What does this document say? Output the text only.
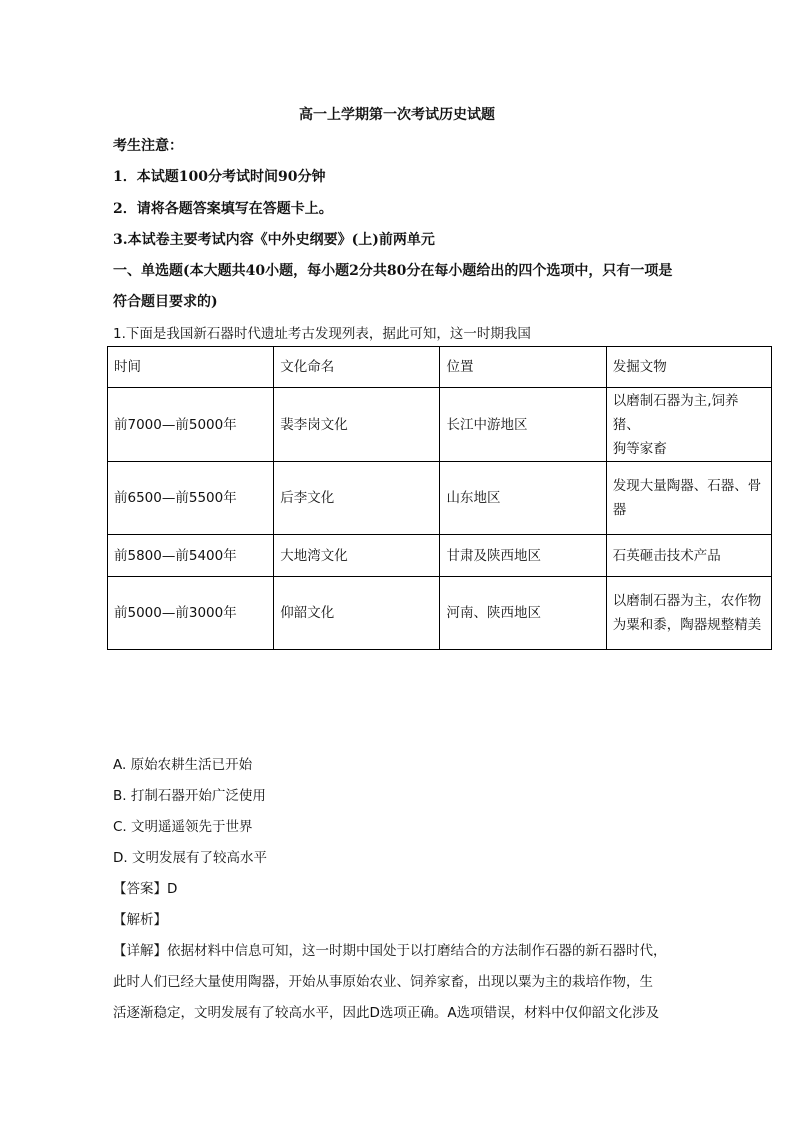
高一上学期第一次考试历史试题
考生注意：
1．本试题100分考试时间90分钟
2．请将各题答案填写在答题卡上。
3.本试卷主要考试内容《中外史纲要》(上)前两单元
一、单选题(本大题共40小题，每小题2分共80分在每小题给出的四个选项中，只有一项是
符合题目要求的)
1.下面是我国新石器时代遗址考古发现列表，据此可知，这一时期我国
时间	文化命名	位置	发掘文物
前7000—前5000年	裴李岗文化	长江中游地区	以磨制石器为主,饲养猪、
狗等家畜

前6500—前5500年	后李文化	山东地区	发现大量陶器、石器、骨
器

前5800—前5400年	大地湾文化	甘肃及陕西地区	石英砸击技术产品

前5000—前3000年	仰韶文化	河南、陕西地区	以磨制石器为主，农作物
为粟和黍，陶器规整精美
A. 原始农耕生活已开始
B. 打制石器开始广泛使用
C. 文明遥遥领先于世界
D. 文明发展有了较高水平
【答案】D
【解析】
【详解】依据材料中信息可知，这一时期中国处于以打磨结合的方法制作石器的新石器时代，
此时人们已经大量使用陶器，开始从事原始农业、饲养家畜，出现以粟为主的栽培作物，生
活逐渐稳定，文明发展有了较高水平，因此D选项正确。A选项错误，材料中仅仰韶文化涉及
